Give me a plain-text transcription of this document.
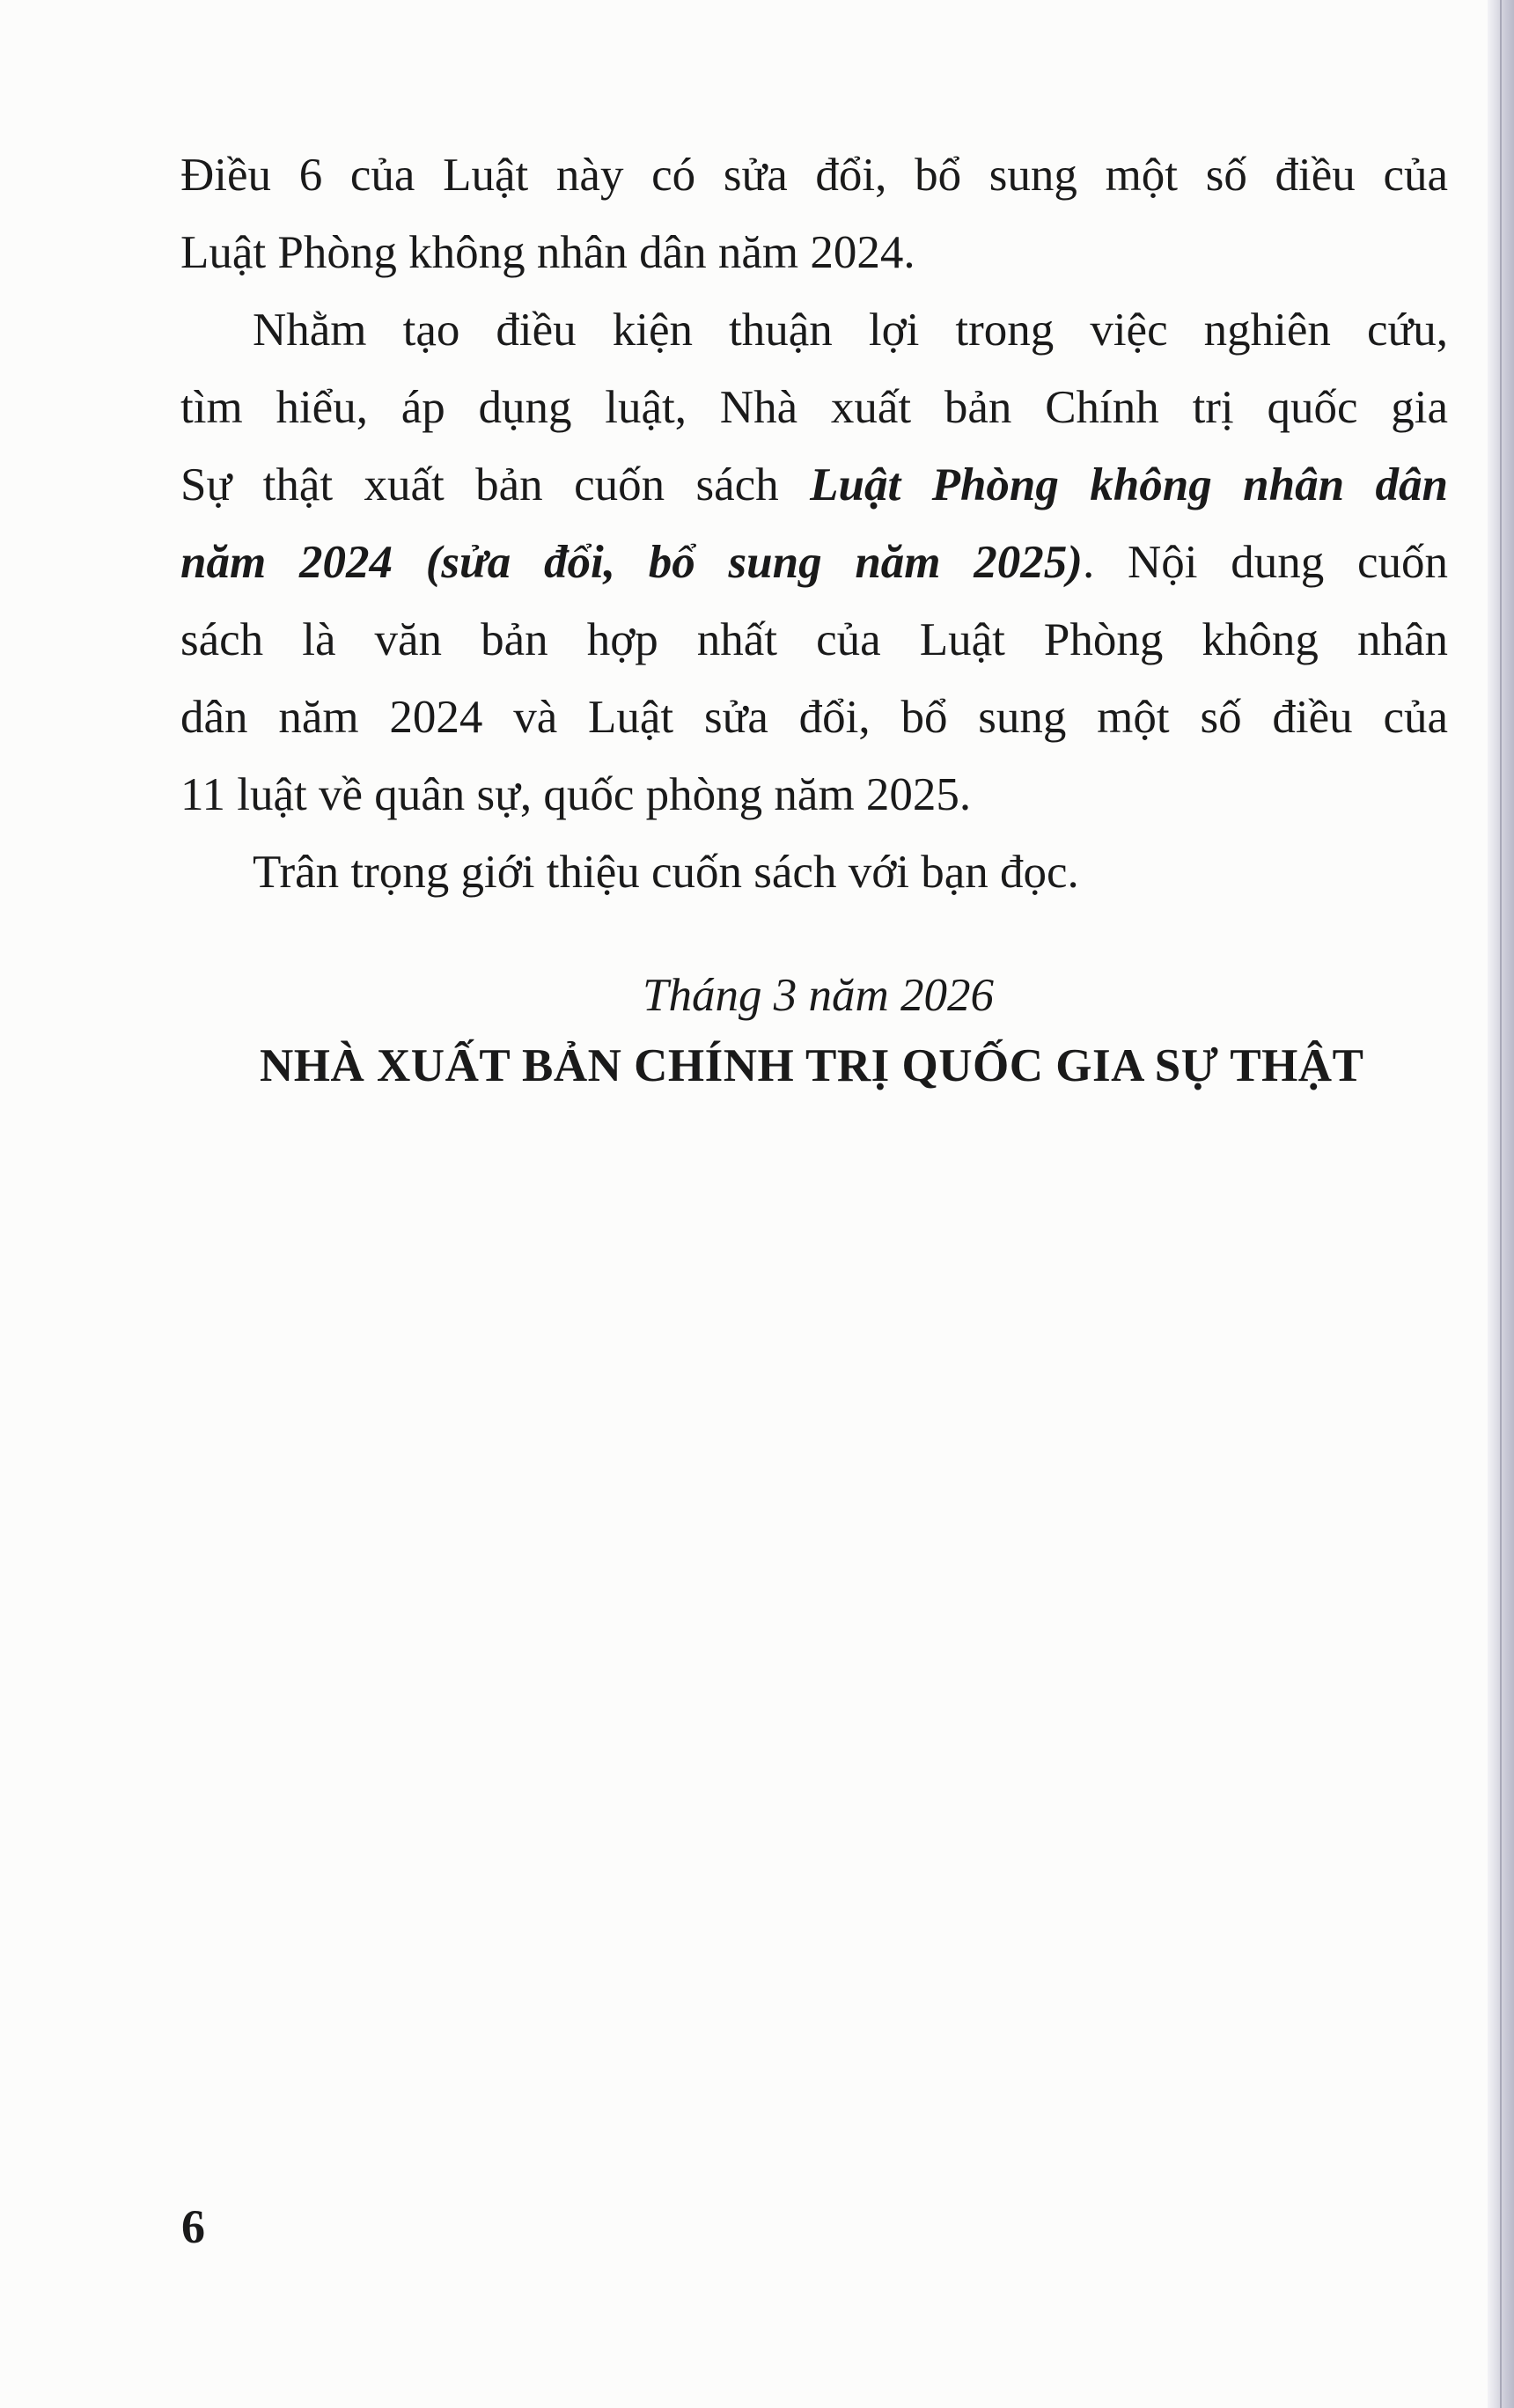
Điều 6 của Luật này có sửa đổi, bổ sung một số điều của
Luật Phòng không nhân dân năm 2024.
Nhằm tạo điều kiện thuận lợi trong việc nghiên cứu,
tìm hiểu, áp dụng luật, Nhà xuất bản Chính trị quốc gia
Sự thật xuất bản cuốn sách Luật Phòng không nhân dân
năm 2024 (sửa đổi, bổ sung năm 2025). Nội dung cuốn
sách là văn bản hợp nhất của Luật Phòng không nhân
dân năm 2024 và Luật sửa đổi, bổ sung một số điều của
11 luật về quân sự, quốc phòng năm 2025.
Trân trọng giới thiệu cuốn sách với bạn đọc.
Tháng 3 năm 2026
NHÀ XUẤT BẢN CHÍNH TRỊ QUỐC GIA SỰ THẬT
6
